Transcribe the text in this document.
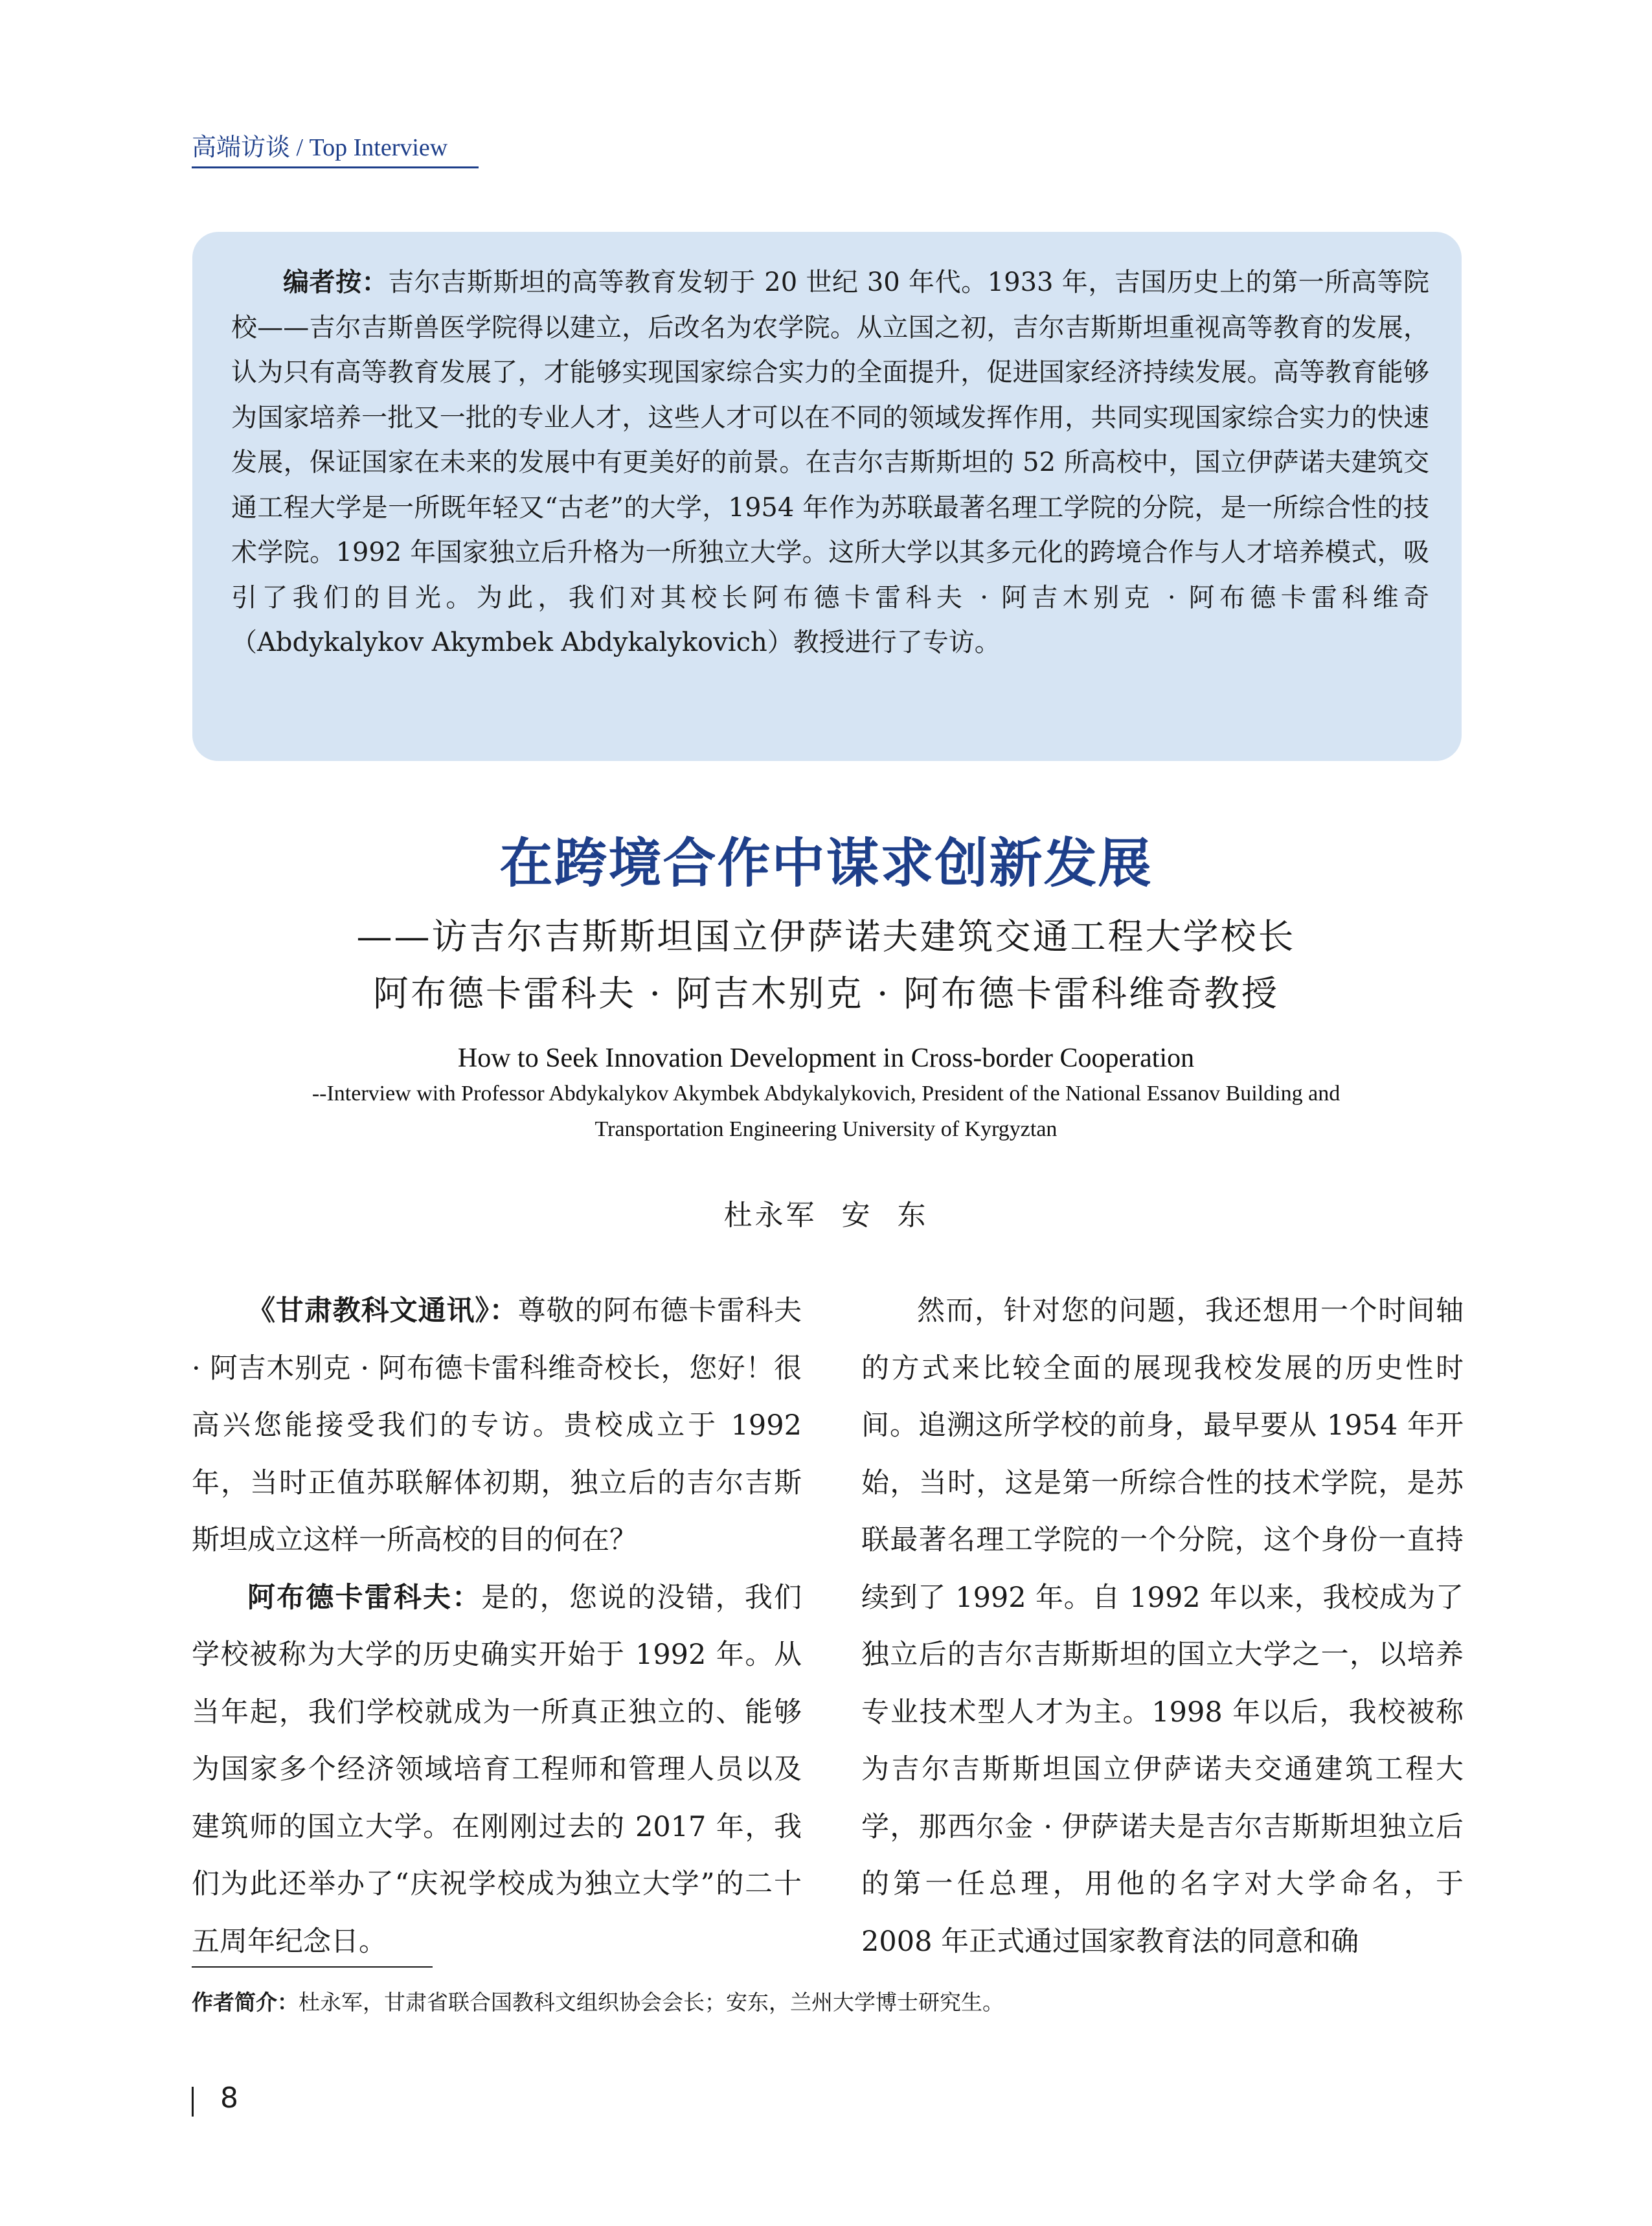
高端访谈 / Top Interview

编者按：吉尔吉斯斯坦的高等教育发轫于 20 世纪 30 年代。1933 年，吉国历史上的第一所高等院校——吉尔吉斯兽医学院得以建立，后改名为农学院。从立国之初，吉尔吉斯斯坦重视高等教育的发展，认为只有高等教育发展了，才能够实现国家综合实力的全面提升，促进国家经济持续发展。高等教育能够为国家培养一批又一批的专业人才，这些人才可以在不同的领域发挥作用，共同实现国家综合实力的快速发展，保证国家在未来的发展中有更美好的前景。在吉尔吉斯斯坦的 52 所高校中，国立伊萨诺夫建筑交通工程大学是一所既年轻又“古老”的大学，1954 年作为苏联最著名理工学院的分院，是一所综合性的技术学院。1992 年国家独立后升格为一所独立大学。这所大学以其多元化的跨境合作与人才培养模式，吸引了我们的目光。为此，我们对其校长阿布德卡雷科夫 · 阿吉木别克 · 阿布德卡雷科维奇（Abdykalykov Akymbek Abdykalykovich）教授进行了专访。

在跨境合作中谋求创新发展
——访吉尔吉斯斯坦国立伊萨诺夫建筑交通工程大学校长
阿布德卡雷科夫 · 阿吉木别克 · 阿布德卡雷科维奇教授
How to Seek Innovation Development in Cross-border Cooperation
--Interview with Professor Abdykalykov Akymbek Abdykalykovich, President of the National Essanov Building and
Transportation Engineering University of Kyrgyztan
杜永军 安 东

《甘肃教科文通讯》：尊敬的阿布德卡雷科夫 · 阿吉木别克 · 阿布德卡雷科维奇校长，您好！很高兴您能接受我们的专访。贵校成立于 1992 年，当时正值苏联解体初期，独立后的吉尔吉斯斯坦成立这样一所高校的目的何在？

阿布德卡雷科夫：是的，您说的没错，我们学校被称为大学的历史确实开始于 1992 年。从当年起，我们学校就成为一所真正独立的、能够为国家多个经济领域培育工程师和管理人员以及建筑师的国立大学。在刚刚过去的 2017 年，我们为此还举办了“庆祝学校成为独立大学”的二十五周年纪念日。

然而，针对您的问题，我还想用一个时间轴的方式来比较全面的展现我校发展的历史性时间。追溯这所学校的前身，最早要从 1954 年开始，当时，这是第一所综合性的技术学院，是苏联最著名理工学院的一个分院，这个身份一直持续到了 1992 年。自 1992 年以来，我校成为了独立后的吉尔吉斯斯坦的国立大学之一，以培养专业技术型人才为主。1998 年以后，我校被称为吉尔吉斯斯坦国立伊萨诺夫交通建筑工程大学，那西尔金 · 伊萨诺夫是吉尔吉斯斯坦独立后的第一任总理，用他的名字对大学命名，于 2008 年正式通过国家教育法的同意和确

作者简介：杜永军，甘肃省联合国教科文组织协会会长；安东，兰州大学博士研究生。
8
